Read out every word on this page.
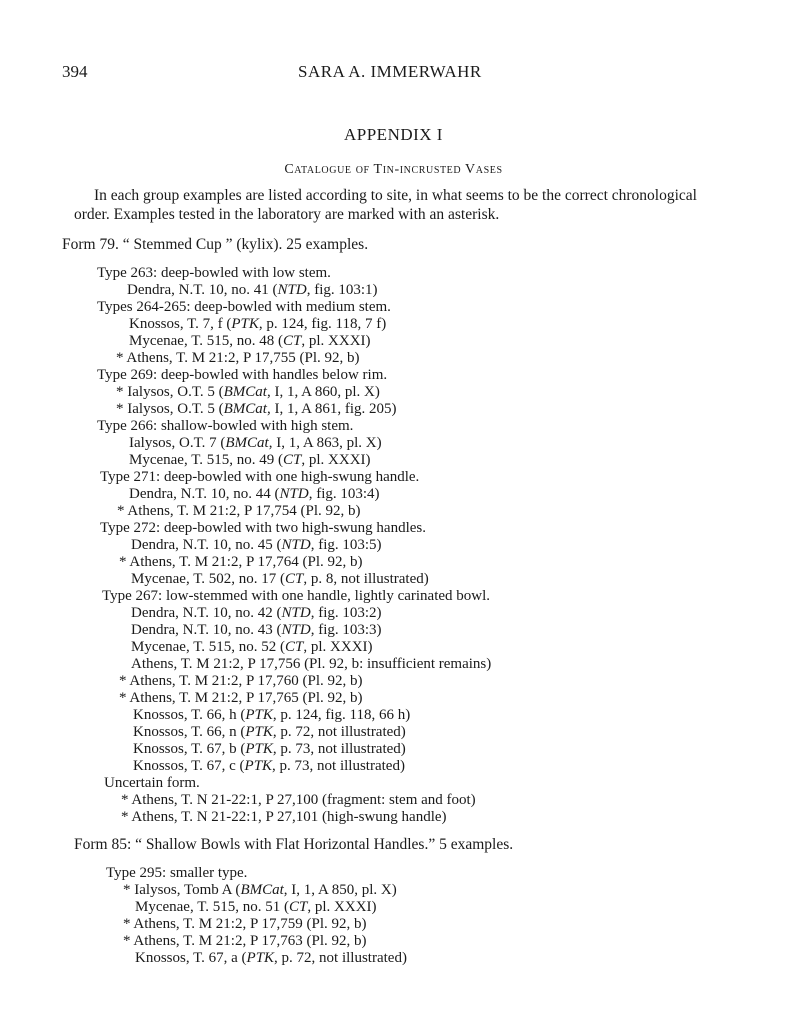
394	SARA A. IMMERWAHR
APPENDIX I
Catalogue of Tin-incrusted Vases
In each group examples are listed according to site, in what seems to be the correct chronological
order. Examples tested in the laboratory are marked with an asterisk.
Form 79. “ Stemmed Cup ” (kylix). 25 examples.
Type 263: deep-bowled with low stem.
Dendra, N.T. 10, no. 41 (NTD, fig. 103:1)
Types 264-265: deep-bowled with medium stem.
Knossos, T. 7, f (PTK, p. 124, fig. 118, 7 f)
Mycenae, T. 515, no. 48 (CT, pl. XXXI)
* Athens, T. M 21:2, P 17,755 (Pl. 92, b)
Type 269: deep-bowled with handles below rim.
* Ialysos, O.T. 5 (BMCat, I, 1, A 860, pl. X)
* Ialysos, O.T. 5 (BMCat, I, 1, A 861, fig. 205)
Type 266: shallow-bowled with high stem.
Ialysos, O.T. 7 (BMCat, I, 1, A 863, pl. X)
Mycenae, T. 515, no. 49 (CT, pl. XXXI)
Type 271: deep-bowled with one high-swung handle.
Dendra, N.T. 10, no. 44 (NTD, fig. 103:4)
* Athens, T. M 21:2, P 17,754 (Pl. 92, b)
Type 272: deep-bowled with two high-swung handles.
Dendra, N.T. 10, no. 45 (NTD, fig. 103:5)
* Athens, T. M 21:2, P 17,764 (Pl. 92, b)
Mycenae, T. 502, no. 17 (CT, p. 8, not illustrated)
Type 267: low-stemmed with one handle, lightly carinated bowl.
Dendra, N.T. 10, no. 42 (NTD, fig. 103:2)
Dendra, N.T. 10, no. 43 (NTD, fig. 103:3)
Mycenae, T. 515, no. 52 (CT, pl. XXXI)
Athens, T. M 21:2, P 17,756 (Pl. 92, b: insufficient remains)
* Athens, T. M 21:2, P 17,760 (Pl. 92, b)
* Athens, T. M 21:2, P 17,765 (Pl. 92, b)
Knossos, T. 66, h (PTK, p. 124, fig. 118, 66 h)
Knossos, T. 66, n (PTK, p. 72, not illustrated)
Knossos, T. 67, b (PTK, p. 73, not illustrated)
Knossos, T. 67, c (PTK, p. 73, not illustrated)
Uncertain form.
* Athens, T. N 21-22:1, P 27,100 (fragment: stem and foot)
* Athens, T. N 21-22:1, P 27,101 (high-swung handle)
Form 85: “ Shallow Bowls with Flat Horizontal Handles.” 5 examples.
Type 295: smaller type.
* Ialysos, Tomb A (BMCat, I, 1, A 850, pl. X)
Mycenae, T. 515, no. 51 (CT, pl. XXXI)
* Athens, T. M 21:2, P 17,759 (Pl. 92, b)
* Athens, T. M 21:2, P 17,763 (Pl. 92, b)
Knossos, T. 67, a (PTK, p. 72, not illustrated)
